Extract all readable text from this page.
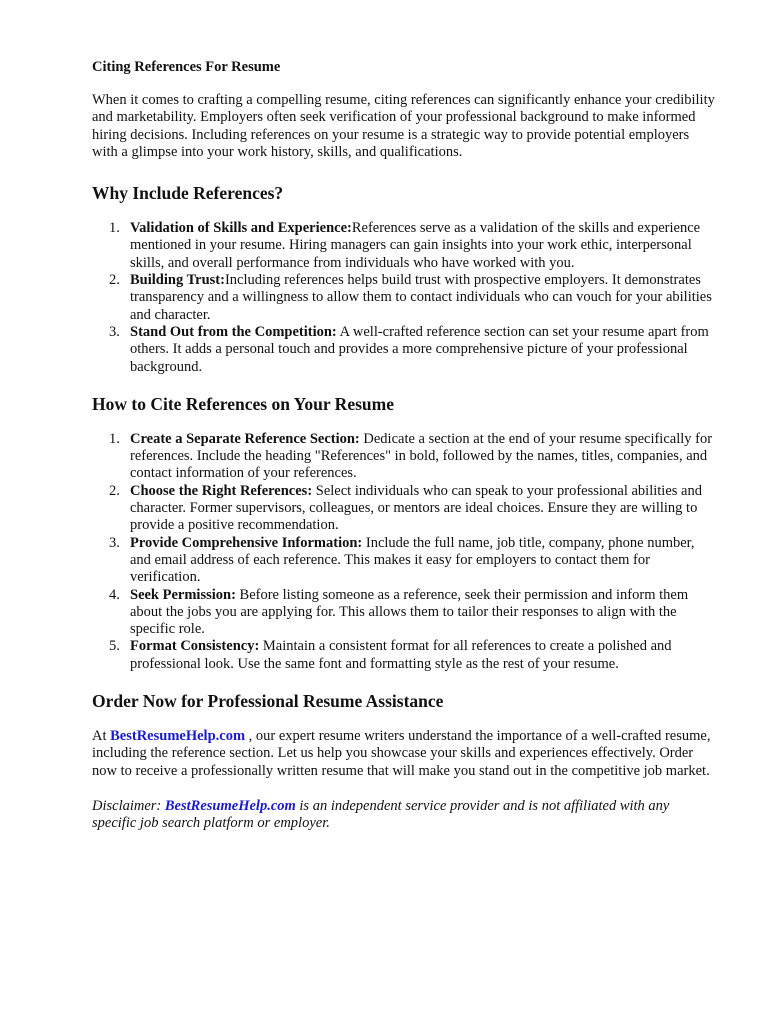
Citing References For Resume

When it comes to crafting a compelling resume, citing references can significantly enhance your credibility and marketability. Employers often seek verification of your professional background to make informed hiring decisions. Including references on your resume is a strategic way to provide potential employers with a glimpse into your work history, skills, and qualifications.

Why Include References?
1. Validation of Skills and Experience:References serve as a validation of the skills and experience mentioned in your resume. Hiring managers can gain insights into your work ethic, interpersonal skills, and overall performance from individuals who have worked with you.
2. Building Trust:Including references helps build trust with prospective employers. It demonstrates transparency and a willingness to allow them to contact individuals who can vouch for your abilities and character.
3. Stand Out from the Competition: A well-crafted reference section can set your resume apart from others. It adds a personal touch and provides a more comprehensive picture of your professional background.
How to Cite References on Your Resume
1. Create a Separate Reference Section: Dedicate a section at the end of your resume specifically for references. Include the heading "References" in bold, followed by the names, titles, companies, and contact information of your references.
2. Choose the Right References: Select individuals who can speak to your professional abilities and character. Former supervisors, colleagues, or mentors are ideal choices. Ensure they are willing to provide a positive recommendation.
3. Provide Comprehensive Information: Include the full name, job title, company, phone number, and email address of each reference. This makes it easy for employers to contact them for verification.
4. Seek Permission: Before listing someone as a reference, seek their permission and inform them about the jobs you are applying for. This allows them to tailor their responses to align with the specific role.
5. Format Consistency: Maintain a consistent format for all references to create a polished and professional look. Use the same font and formatting style as the rest of your resume.
Order Now for Professional Resume Assistance

At BestResumeHelp.com , our expert resume writers understand the importance of a well-crafted resume, including the reference section. Let us help you showcase your skills and experiences effectively. Order now to receive a professionally written resume that will make you stand out in the competitive job market.

Disclaimer: BestResumeHelp.com is an independent service provider and is not affiliated with any specific job search platform or employer.
